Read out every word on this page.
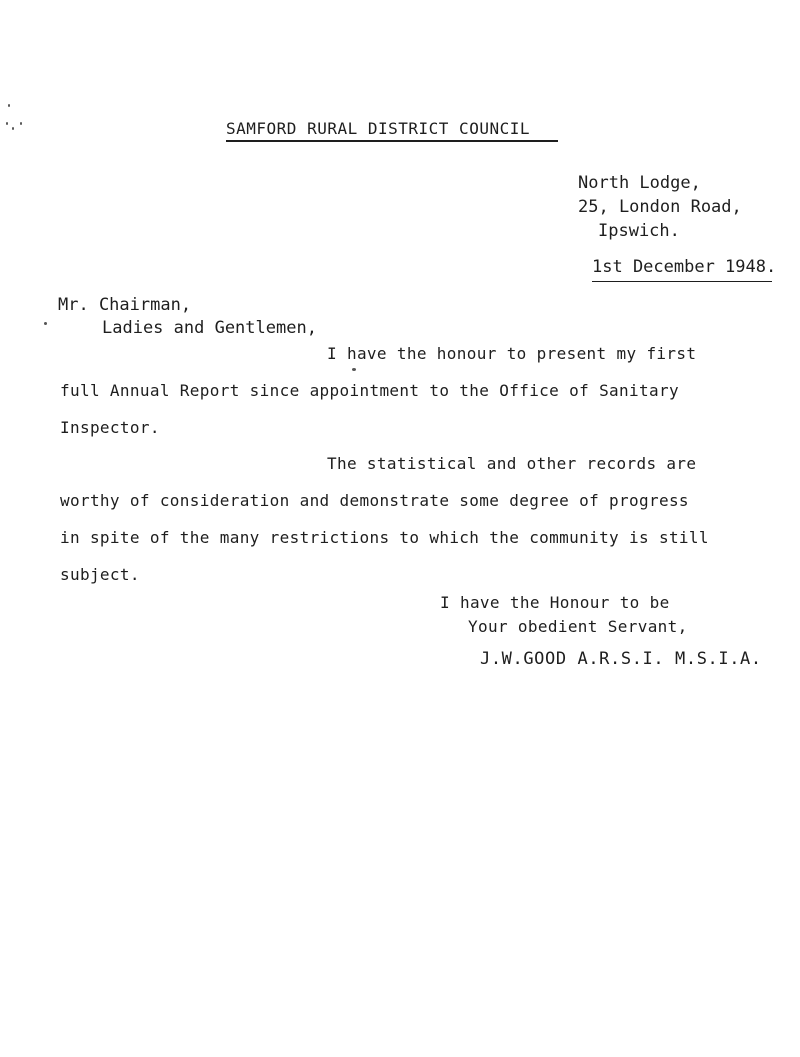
SAMFORD RURAL DISTRICT COUNCIL
North Lodge,
25, London Road,
Ipswich.
1st December 1948.
Mr. Chairman,
Ladies and Gentlemen,
I have the honour to present my first
full Annual Report since appointment to the Office of Sanitary
Inspector.
The statistical and other records are
worthy of consideration and demonstrate some degree of progress
in spite of the many restrictions to which the community is still
subject.
I have the Honour to be
Your obedient Servant,
J.W.GOOD A.R.S.I. M.S.I.A.
